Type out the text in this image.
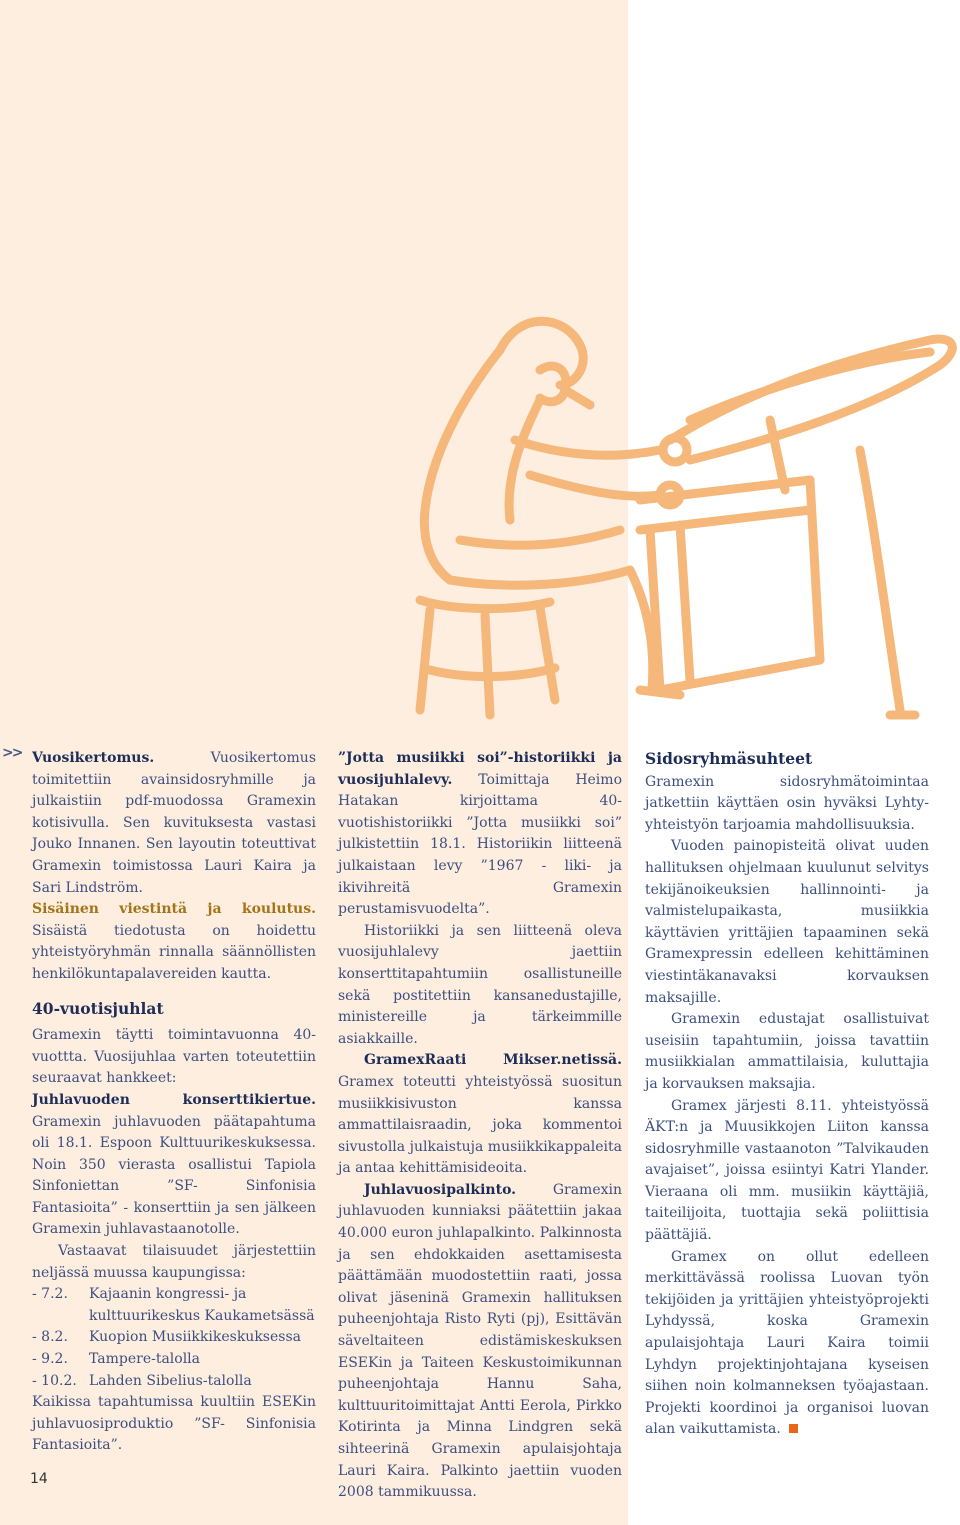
>> Vuosikertomus. Vuosikertomus toimitettiin avainsidosryhmille ja julkaistiin pdf-muodossa Gramexin kotisivulla. Sen kuvituksesta vastasi Jouko Innanen. Sen layoutin toteuttivat Gramexin toimistossa Lauri Kaira ja Sari Lindström.

Sisäinen viestintä ja koulutus. Sisäistä tiedotusta on hoidettu yhteistyöryhmän rinnalla säännöllisten henkilökuntapalavereiden kautta.

40-vuotisjuhlat

Gramexin täytti toimintavuonna 40-vuottta. Vuosijuhlaa varten toteutettiin seuraavat hankkeet:

Juhlavuoden	konserttikiertue.

Gramexin juhlavuoden päätapahtuma oli 18.1. Espoon Kulttuurikeskuksessa. Noin 350 vierasta osallistui Tapiola Sinfoniettan ”SF- Sinfonisia Fantasioita” - konserttiin ja sen jälkeen Gramexin juhlavastaanotolle.

Vastaavat tilaisuudet järjestettiin neljässä muussa kaupungissa:

- 7.2.	Kajaanin kongressi- ja kulttuurikeskus Kaukametsässä
- 8.2.	Kuopion Musiikkikeskuksessa
- 9.2.	Tampere-talolla
- 10.2. Lahden Sibelius-talolla

Kaikissa tapahtumissa kuultiin ESEKin juhlavuosiproduktio ”SF- Sinfonisia Fantasioita”.

”Jotta musiikki soi”-historiikki ja vuosijuhlalevy. Toimittaja Heimo Hatakan kirjoittama 40-vuotishistoriikki ”Jotta musiikki soi” julkistettiin 18.1. Historiikin liitteenä julkaistaan levy ”1967 - liki- ja ikivihreitä Gramexin perustamisvuodelta”.

Historiikki ja sen liitteenä oleva vuosijuhlalevy jaettiin konserttitapahtumiin osallistuneille sekä postitettiin kansanedustajille, ministereille ja tärkeimmille asiakkaille.

GramexRaati Mikser.netissä. Gramex toteutti yhteistyössä suositun musiikkisivuston kanssa ammattilaisraadin, joka kommentoi sivustolla julkaistuja musiikkikappaleita ja antaa kehittämisideoita.

Juhlavuosipalkinto. Gramexin juhlavuoden kunniaksi päätettiin jakaa 40.000 euron juhlapalkinto. Palkinnosta ja sen ehdokkaiden asettamisesta päättämään muodostettiin raati, jossa olivat jäseninä Gramexin hallituksen puheenjohtaja Risto Ryti (pj), Esittävän säveltaiteen edistämiskeskuksen ESEKin ja Taiteen Keskustoimikunnan puheenjohtaja Hannu Saha, kulttuuritoimittajat Antti Eerola, Pirkko Kotirinta ja Minna Lindgren sekä sihteerinä Gramexin apulaisjohtaja Lauri Kaira. Palkinto jaettiin vuoden 2008 tammikuussa.

Sidosryhmäsuhteet

Gramexin sidosryhmätoimintaa jatkettiin käyttäen osin hyväksi Lyhty-yhteistyön tarjoamia mahdollisuuksia.

Vuoden painopisteitä olivat uuden hallituksen ohjelmaan kuulunut selvitys tekijänoikeuksien hallinnointi- ja valmistelupaikasta, musiikkia käyttävien yrittäjien tapaaminen sekä Gramexpressin edelleen kehittäminen viestintäkanavaksi korvauksen maksajille.

Gramexin edustajat osallistuivat useisiin tapahtumiin, joissa tavattiin musiikkialan ammattilaisia, kuluttajia ja korvauksen maksajia.

Gramex järjesti 8.11. yhteistyössä ÄKT:n ja Muusikkojen Liiton kanssa sidosryhmille vastaanoton ”Talvikauden avajaiset”, joissa esiintyi Katri Ylander. Vieraana oli mm. musiikin käyttäjiä, taiteilijoita, tuottajia sekä poliittisia päättäjiä.

Gramex on ollut edelleen merkittävässä roolissa Luovan työn tekijöiden ja yrittäjien yhteistyöprojekti Lyhdyssä, koska Gramexin apulaisjohtaja Lauri Kaira toimii Lyhdyn projektinjohtajana kyseisen siihen noin kolmanneksen työajastaan. Projekti koordinoi ja organisoi luovan alan vaikuttamista.

14
